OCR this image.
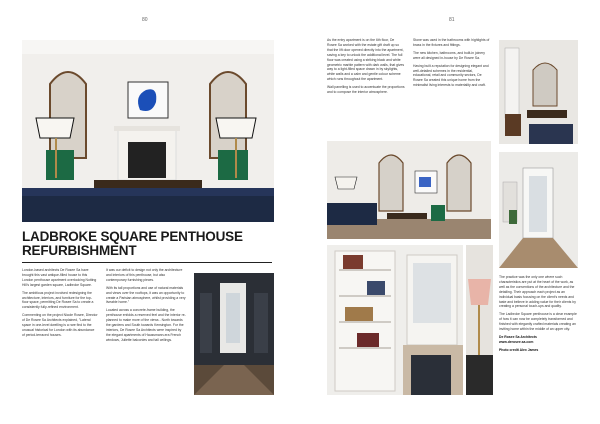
80
LADBROKE SQUARE PENTHOUSE
REFURBISHMENT

London-based architects De Rosee Sa have brought this vast antique-filled house to this London penthouse apartment overlooking Notting Hill's largest garden square, Ladbroke Square.

The ambitious project involved redesigning the architecture, interiors, and furniture for the top-floor space, permitting De Rosee Sa to create a consistently fully-refined environment.

Commenting on the project Nicole Rosee, Director of De Rosee Sa Architects explained, "Lateral space in one-level dwelling is a rare find to the unusual historical for London with its abundance of period-terraced houses.

It was our deficit to design not only the architecture and interiors of this penthouse, but also contemporary furnishing pieces.

With its tall proportions and use of natural materials and views over the rooftops, it was an opportunity to create a Parisian atmosphere, whilst providing a very liveable home."

Located across a concrete-frame building, the penthouse enfolds a reserved feel and the interior re-planned to make more of the views - North towards the gardens and South towards Kensington. For the interiors, De Rosee Sa Architects were inspired by the elegant apartments of Haussmann-era French windows, Juliette balconies and tall ceilings.

81

As the entry apartment is on the 6th floor, De Rosee Sa worked with the estate gift draft up so that the lift door opened directly into the apartment, saving a key to unlock the additional level. The full floor was created using a striking black and white geometric marble pattern with dark walls, that gives way to a light-filled space drawn in by skylights, white walls and a calm and gentle colour scheme which runs throughout the apartment.

Wall panelling is used to accentuate the proportions and to compose the interior atmosphere.

Stone was used in the bathrooms with highlights of brass in the fixtures and fittings.

The new kitchen, bathrooms, and built-in joinery were all designed in-house by De Rosee Sa.

Having built a reputation for designing elegant and well-detailed schemes in the residential, educational, retail and community sectors, De Rosee Sa created this unique home from the minimalist living interests to materiality and craft.

The practice was the only one where such characteristics are put at the heart of the work, as well as the conventions of the architecture and the detailing. Their approach each project as an individual basis focusing on the client's needs and taste and believe in adding value for their clients by creating a personal touch-ups and quality.

The Ladbroke Square penthouse is a clear example of how it can now be completely transformed and finished with elegantly crafted materials creating an inviting home within the middle of an upper city.

De Rosee Sa Architects

www.derosee.sa.com

Photo credit Alex James
